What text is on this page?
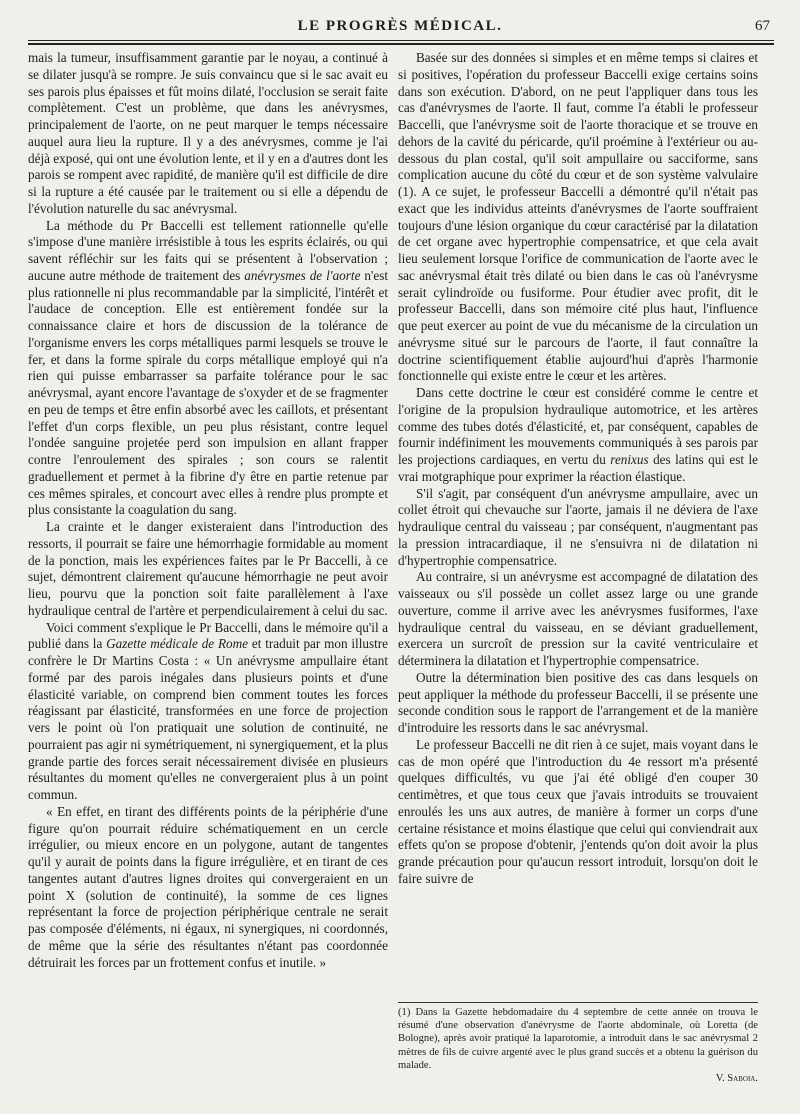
LE PROGRÈS MÉDICAL.	67

mais la tumeur, insuffisamment garantie par le noyau, a continué à se dilater jusqu'à se rompre. Je suis convaincu que si le sac avait eu ses parois plus épaisses et fût moins dilaté, l'occlusion se serait faite complètement. C'est un problème, que dans les anévrysmes, principalement de l'aorte, on ne peut marquer le temps nécessaire auquel aura lieu la rupture. Il y a des anévrysmes, comme je l'ai déjà exposé, qui ont une évolution lente, et il y en a d'autres dont les parois se rompent avec rapidité, de manière qu'il est difficile de dire si la rupture a été causée par le traitement ou si elle a dépendu de l'évolution naturelle du sac anévrysmal.

La méthode du Pr Baccelli est tellement rationnelle qu'elle s'impose d'une manière irrésistible à tous les esprits éclairés, ou qui savent réfléchir sur les faits qui se présentent à l'observation ; aucune autre méthode de traitement des anévrysmes de l'aorte n'est plus rationnelle ni plus recommandable par la simplicité, l'intérêt et l'audace de conception. Elle est entièrement fondée sur la connaissance claire et hors de discussion de la tolérance de l'organisme envers les corps métalliques parmi lesquels se trouve le fer, et dans la forme spirale du corps métallique employé qui n'a rien qui puisse embarrasser sa parfaite tolérance pour le sac anévrysmal, ayant encore l'avantage de s'oxyder et de se fragmenter en peu de temps et être enfin absorbé avec les caillots, et présentant l'effet d'un corps flexible, un peu plus résistant, contre lequel l'ondée sanguine projetée perd son impulsion en allant frapper contre l'enroulement des spirales ; son cours se ralentit graduellement et permet à la fibrine d'y être en partie retenue par ces mêmes spirales, et concourt avec elles à rendre plus prompte et plus consistante la coagulation du sang.

La crainte et le danger existeraient dans l'introduction des ressorts, il pourrait se faire une hémorrhagie formidable au moment de la ponction, mais les expériences faites par le Pr Baccelli, à ce sujet, démontrent clairement qu'aucune hémorrhagie ne peut avoir lieu, pourvu que la ponction soit faite parallèlement à l'axe hydraulique central de l'artère et perpendiculairement à celui du sac.

Voici comment s'explique le Pr Baccelli, dans le mémoire qu'il a publié dans la Gazette médicale de Rome et traduit par mon illustre confrère le Dr Martins Costa : « Un anévrysme ampullaire étant formé par des parois inégales dans plusieurs points et d'une élasticité variable, on comprend bien comment toutes les forces réagissant par élasticité, transformées en une force de projection vers le point où l'on pratiquait une solution de continuité, ne pourraient pas agir ni symétriquement, ni synergiquement, et la plus grande partie des forces serait nécessairement divisée en plusieurs résultantes du moment qu'elles ne convergeraient plus à un point commun.

« En effet, en tirant des différents points de la périphérie d'une figure qu'on pourrait réduire schématiquement en un cercle irrégulier, ou mieux encore en un polygone, autant de tangentes qu'il y aurait de points dans la figure irrégulière, et en tirant de ces tangentes autant d'autres lignes droites qui convergeraient en un point X (solution de continuité), la somme de ces lignes représentant la force de projection périphérique centrale ne serait pas composée d'éléments, ni égaux, ni synergiques, ni coordonnés, de même que la série des résultantes n'étant pas coordonnée détruirait les forces par un frottement confus et inutile. »

Basée sur des données si simples et en même temps si claires et si positives, l'opération du professeur Baccelli exige certains soins dans son exécution. D'abord, on ne peut l'appliquer dans tous les cas d'anévrysmes de l'aorte. Il faut, comme l'a établi le professeur Baccelli, que l'anévrysme soit de l'aorte thoracique et se trouve en dehors de la cavité du péricarde, qu'il proémine à l'extérieur ou au-dessous du plan costal, qu'il soit ampullaire ou sacciforme, sans complication aucune du côté du cœur et de son système valvulaire (1). A ce sujet, le professeur Baccelli a démontré qu'il n'était pas exact que les individus atteints d'anévrysmes de l'aorte souffraient toujours d'une lésion organique du cœur caractérisé par la dilatation de cet organe avec hypertrophie compensatrice, et que cela avait lieu seulement lorsque l'orifice de communication de l'aorte avec le sac anévrysmal était très dilaté ou bien dans le cas où l'anévrysme serait cylindroïde ou fusiforme. Pour étudier avec profit, dit le professeur Baccelli, dans son mémoire cité plus haut, l'influence que peut exercer au point de vue du mécanisme de la circulation un anévrysme situé sur le parcours de l'aorte, il faut connaître la doctrine scientifiquement établie aujourd'hui d'après l'harmonie fonctionnelle qui existe entre le cœur et les artères.

Dans cette doctrine le cœur est considéré comme le centre et l'origine de la propulsion hydraulique automotrice, et les artères comme des tubes dotés d'élasticité, et, par conséquent, capables de fournir indéfiniment les mouvements communiqués à ses parois par les projections cardiaques, en vertu du renixus des latins qui est le vrai motgraphique pour exprimer la réaction élastique.

S'il s'agit, par conséquent d'un anévrysme ampullaire, avec un collet étroit qui chevauche sur l'aorte, jamais il ne déviera de l'axe hydraulique central du vaisseau ; par conséquent, n'augmentant pas la pression intracardiaque, il ne s'ensuivra ni de dilatation ni d'hypertrophie compensatrice.

Au contraire, si un anévrysme est accompagné de dilatation des vaisseaux ou s'il possède un collet assez large ou une grande ouverture, comme il arrive avec les anévrysmes fusiformes, l'axe hydraulique central du vaisseau, en se déviant graduellement, exercera un surcroît de pression sur la cavité ventriculaire et déterminera la dilatation et l'hypertrophie compensatrice.

Outre la détermination bien positive des cas dans lesquels on peut appliquer la méthode du professeur Baccelli, il se présente une seconde condition sous le rapport de l'arrangement et de la manière d'introduire les ressorts dans le sac anévrysmal.

Le professeur Baccelli ne dit rien à ce sujet, mais voyant dans le cas de mon opéré que l'introduction du 4e ressort m'a présenté quelques difficultés, vu que j'ai été obligé d'en couper 30 centimètres, et que tous ceux que j'avais introduits se trouvaient enroulés les uns aux autres, de manière à former un corps d'une certaine résistance et moins élastique que celui qui conviendrait aux effets qu'on se propose d'obtenir, j'entends qu'on doit avoir la plus grande précaution pour qu'aucun ressort introduit, lorsqu'on doit le faire suivre de

(1) Dans la Gazette hebdomadaire du 4 septembre de cette année on trouva le résumé d'une observation d'anévrysme de l'aorte abdominale, où Loretta (de Bologne), après avoir pratiqué la laparotomie, a introduit dans le sac anévrysmal 2 mètres de fils de cuivre argenté avec le plus grand succès et a obtenu la guérison du malade.
V. Saboia.
